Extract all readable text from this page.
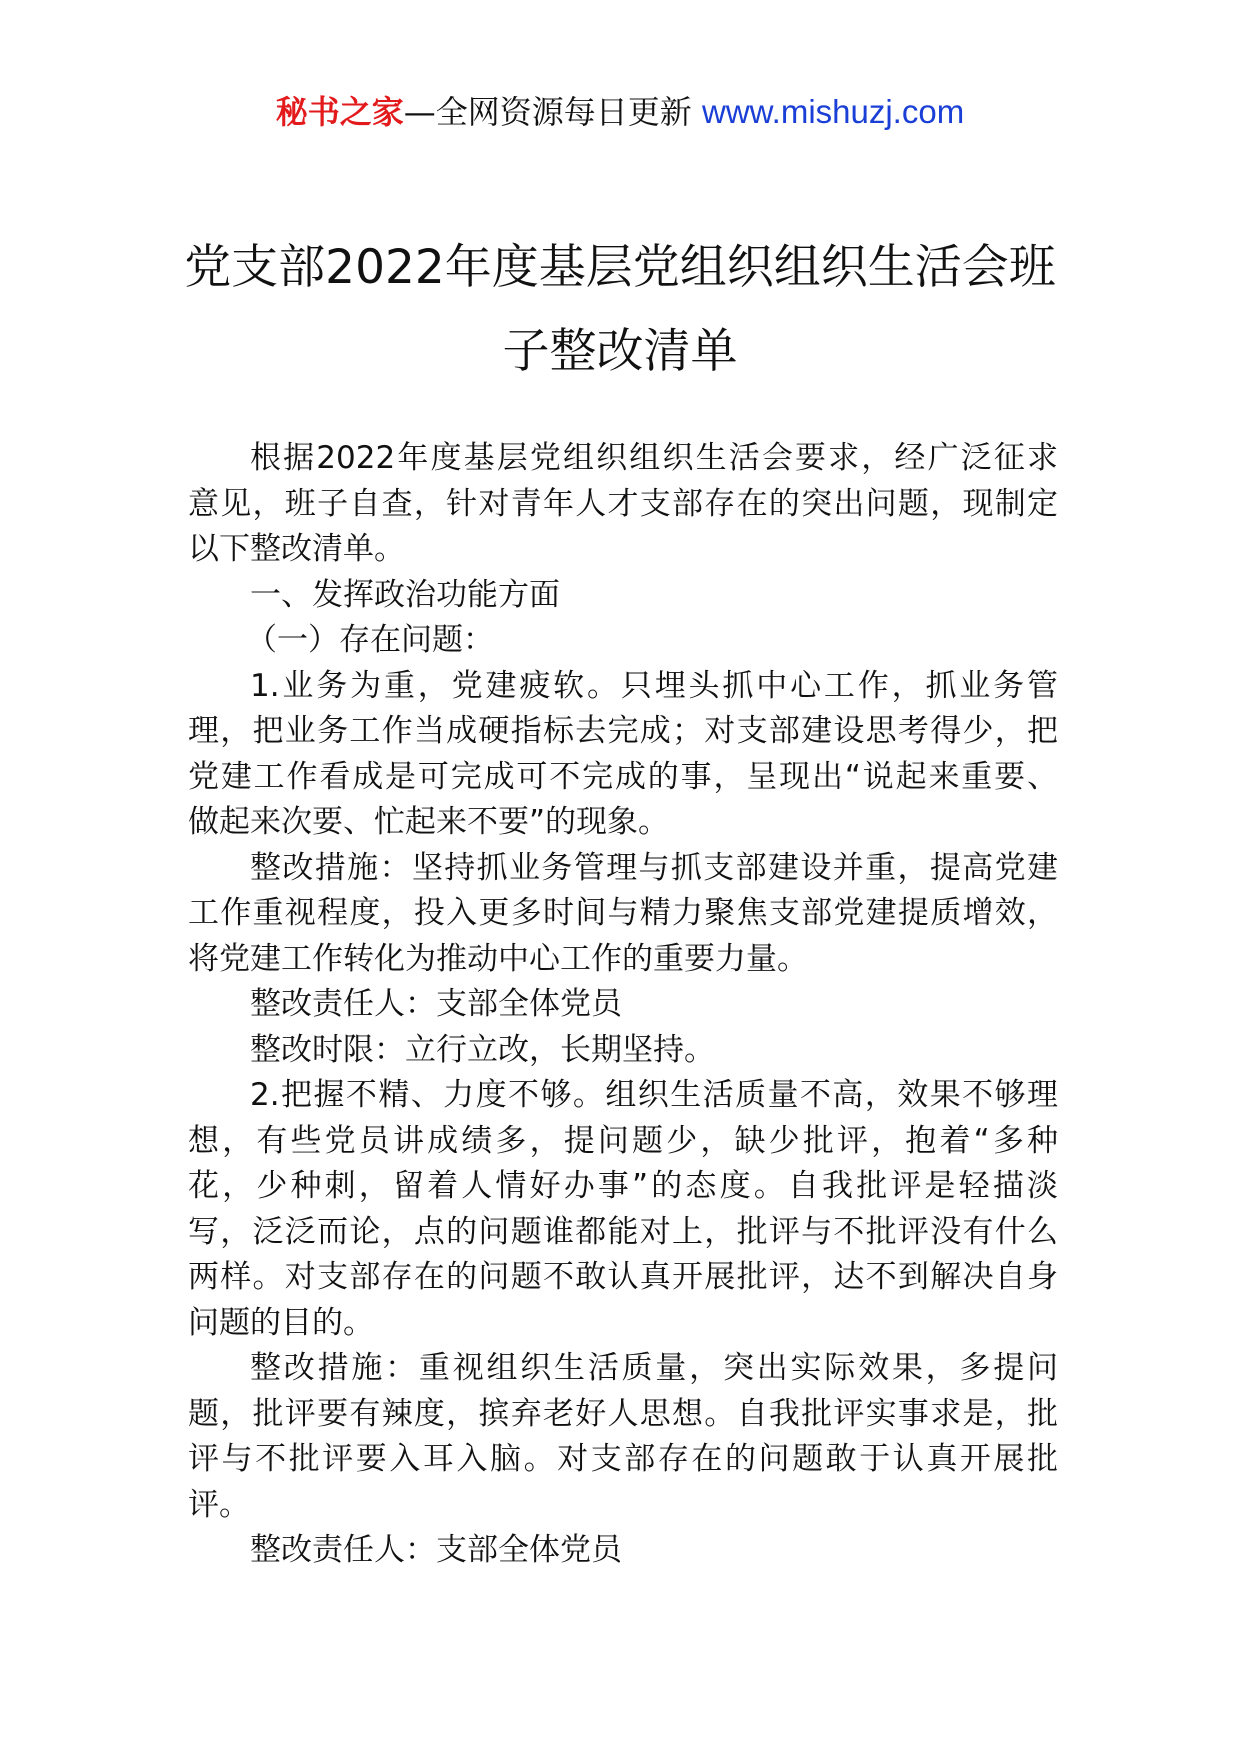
秘书之家—全网资源每日更新 www.mishuzj.com
党支部2022年度基层党组织组织生活会班
子整改清单
根据2022年度基层党组织组织生活会要求，经广泛征求
意见，班子自查，针对青年人才支部存在的突出问题，现制定
以下整改清单。
一、发挥政治功能方面
（一）存在问题：
1.业务为重，党建疲软。只埋头抓中心工作，抓业务管
理，把业务工作当成硬指标去完成；对支部建设思考得少，把
党建工作看成是可完成可不完成的事，呈现出“说起来重要、
做起来次要、忙起来不要”的现象。
整改措施：坚持抓业务管理与抓支部建设并重，提高党建
工作重视程度，投入更多时间与精力聚焦支部党建提质增效，
将党建工作转化为推动中心工作的重要力量。
整改责任人：支部全体党员
整改时限：立行立改，长期坚持。
2.把握不精、力度不够。组织生活质量不高，效果不够理
想，有些党员讲成绩多，提问题少，缺少批评，抱着“多种
花，少种刺，留着人情好办事”的态度。自我批评是轻描淡
写，泛泛而论，点的问题谁都能对上，批评与不批评没有什么
两样。对支部存在的问题不敢认真开展批评，达不到解决自身
问题的目的。
整改措施：重视组织生活质量，突出实际效果，多提问
题，批评要有辣度，摈弃老好人思想。自我批评实事求是，批
评与不批评要入耳入脑。对支部存在的问题敢于认真开展批
评。
整改责任人：支部全体党员
